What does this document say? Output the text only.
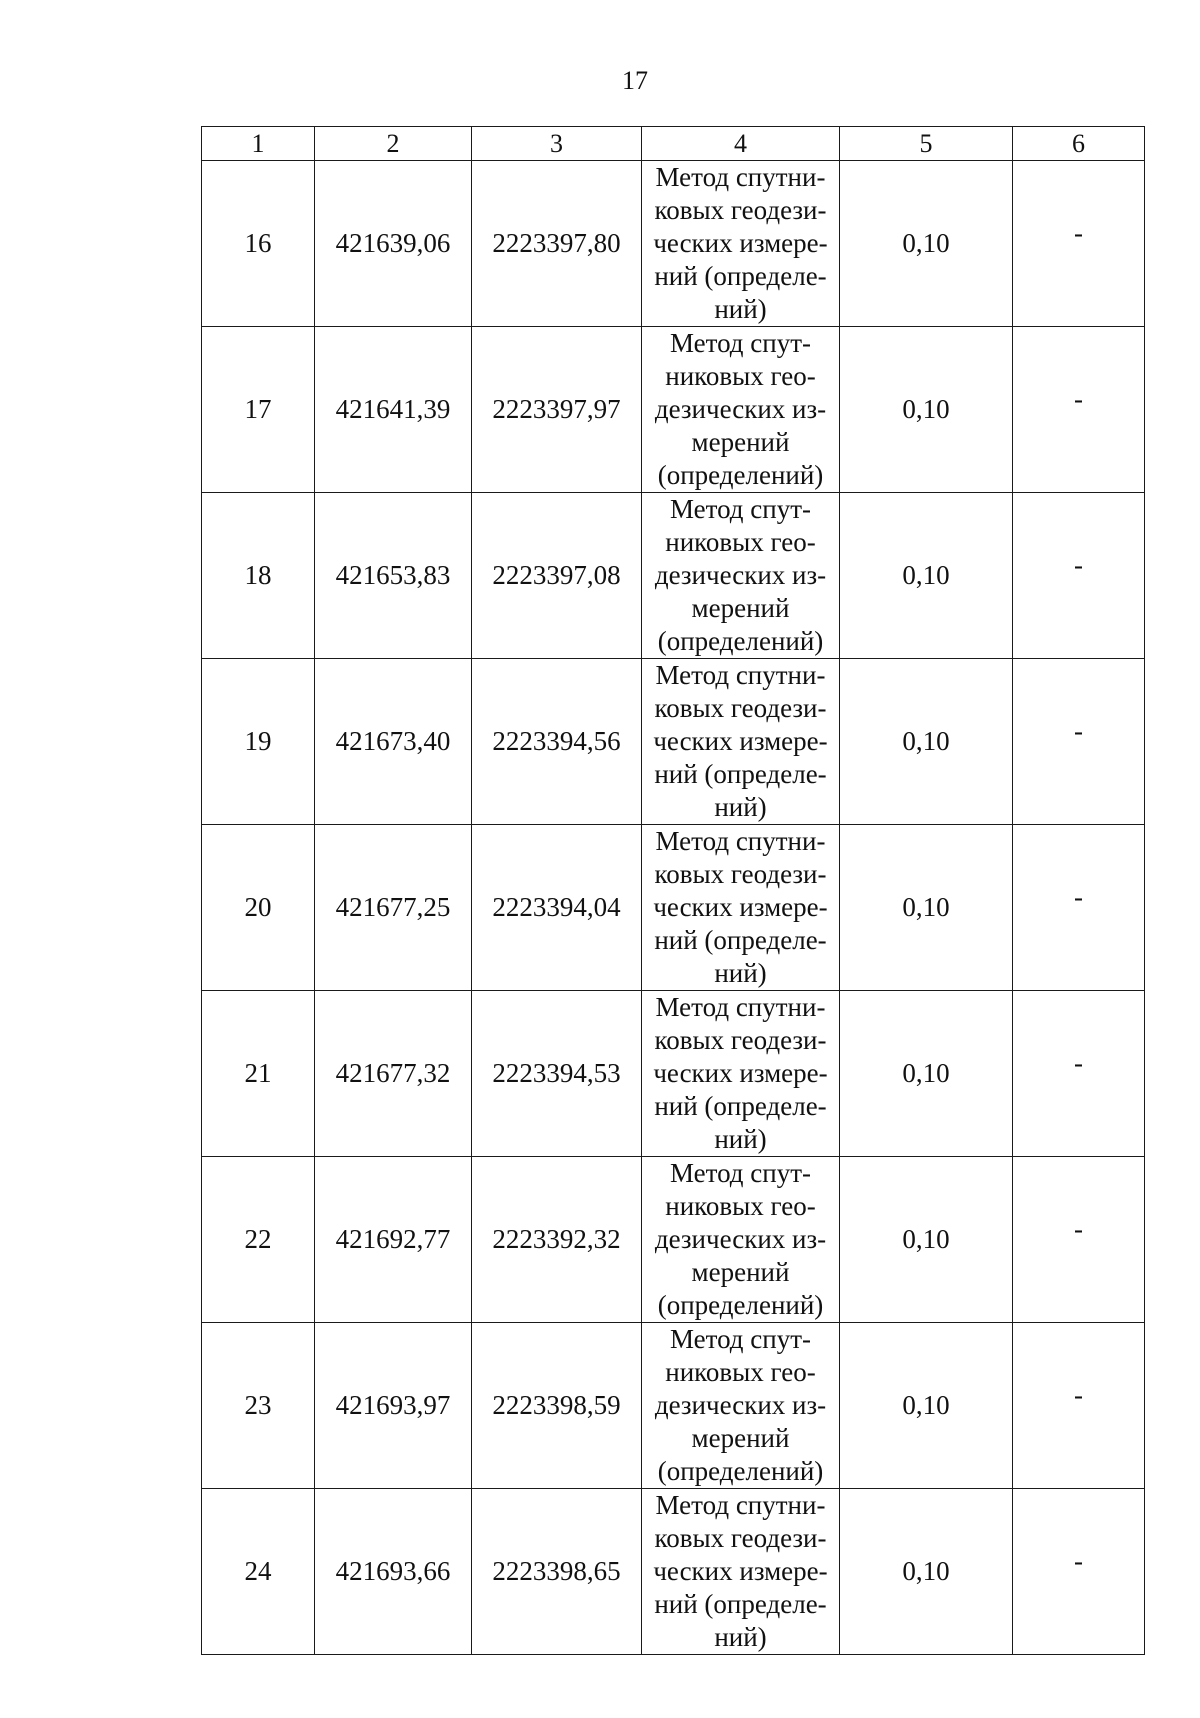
17
1	2	3	4	5	6
16	421639,06	2223397,80	Метод спутни-
ковых геодези-
ческих измере-
ний (определе-
ний)	0,10	-
17	421641,39	2223397,97	Метод спут-
никовых гео-
дезических из-
мерений
(определений)	0,10	-
18	421653,83	2223397,08	Метод спут-
никовых гео-
дезических из-
мерений
(определений)	0,10	-
19	421673,40	2223394,56	Метод спутни-
ковых геодези-
ческих измере-
ний (определе-
ний)	0,10	-
20	421677,25	2223394,04	Метод спутни-
ковых геодези-
ческих измере-
ний (определе-
ний)	0,10	-
21	421677,32	2223394,53	Метод спутни-
ковых геодези-
ческих измере-
ний (определе-
ний)	0,10	-
22	421692,77	2223392,32	Метод спут-
никовых гео-
дезических из-
мерений
(определений)	0,10	-
23	421693,97	2223398,59	Метод спут-
никовых гео-
дезических из-
мерений
(определений)	0,10	-
24	421693,66	2223398,65	Метод спутни-
ковых геодези-
ческих измере-
ний (определе-
ний)	0,10	-
